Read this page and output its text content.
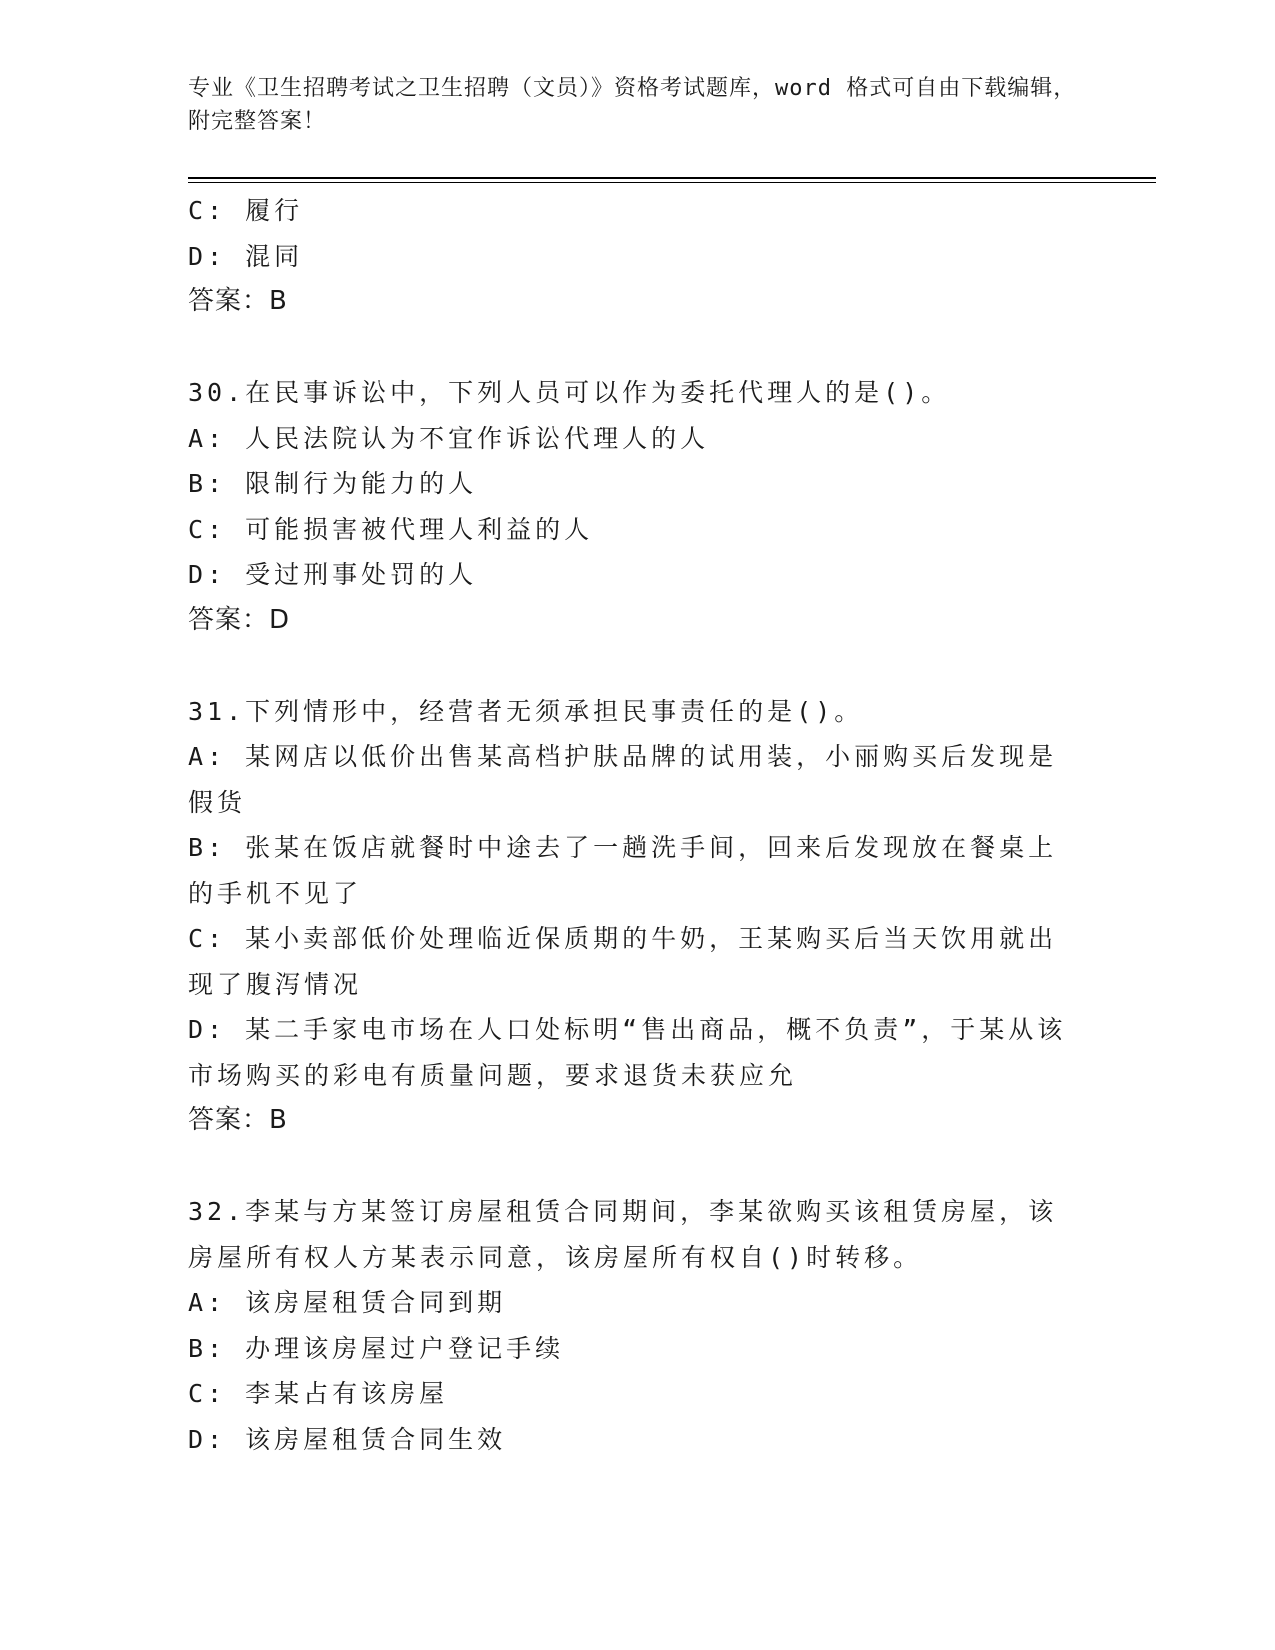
专业《卫生招聘考试之卫生招聘（文员）》资格考试题库，word 格式可自由下载编辑，附完整答案！
C: 履行
D: 混同
答案：B
30.在民事诉讼中，下列人员可以作为委托代理人的是()。
A: 人民法院认为不宜作诉讼代理人的人
B: 限制行为能力的人
C: 可能损害被代理人利益的人
D: 受过刑事处罚的人
答案：D
31.下列情形中，经营者无须承担民事责任的是()。
A: 某网店以低价出售某高档护肤品牌的试用装，小丽购买后发现是假货
B: 张某在饭店就餐时中途去了一趟洗手间，回来后发现放在餐桌上的手机不见了
C: 某小卖部低价处理临近保质期的牛奶，王某购买后当天饮用就出现了腹泻情况
D: 某二手家电市场在人口处标明“售出商品，概不负责”，于某从该市场购买的彩电有质量问题，要求退货未获应允
答案：B
32.李某与方某签订房屋租赁合同期间，李某欲购买该租赁房屋，该房屋所有权人方某表示同意，该房屋所有权自()时转移。
A: 该房屋租赁合同到期
B: 办理该房屋过户登记手续
C: 李某占有该房屋
D: 该房屋租赁合同生效
